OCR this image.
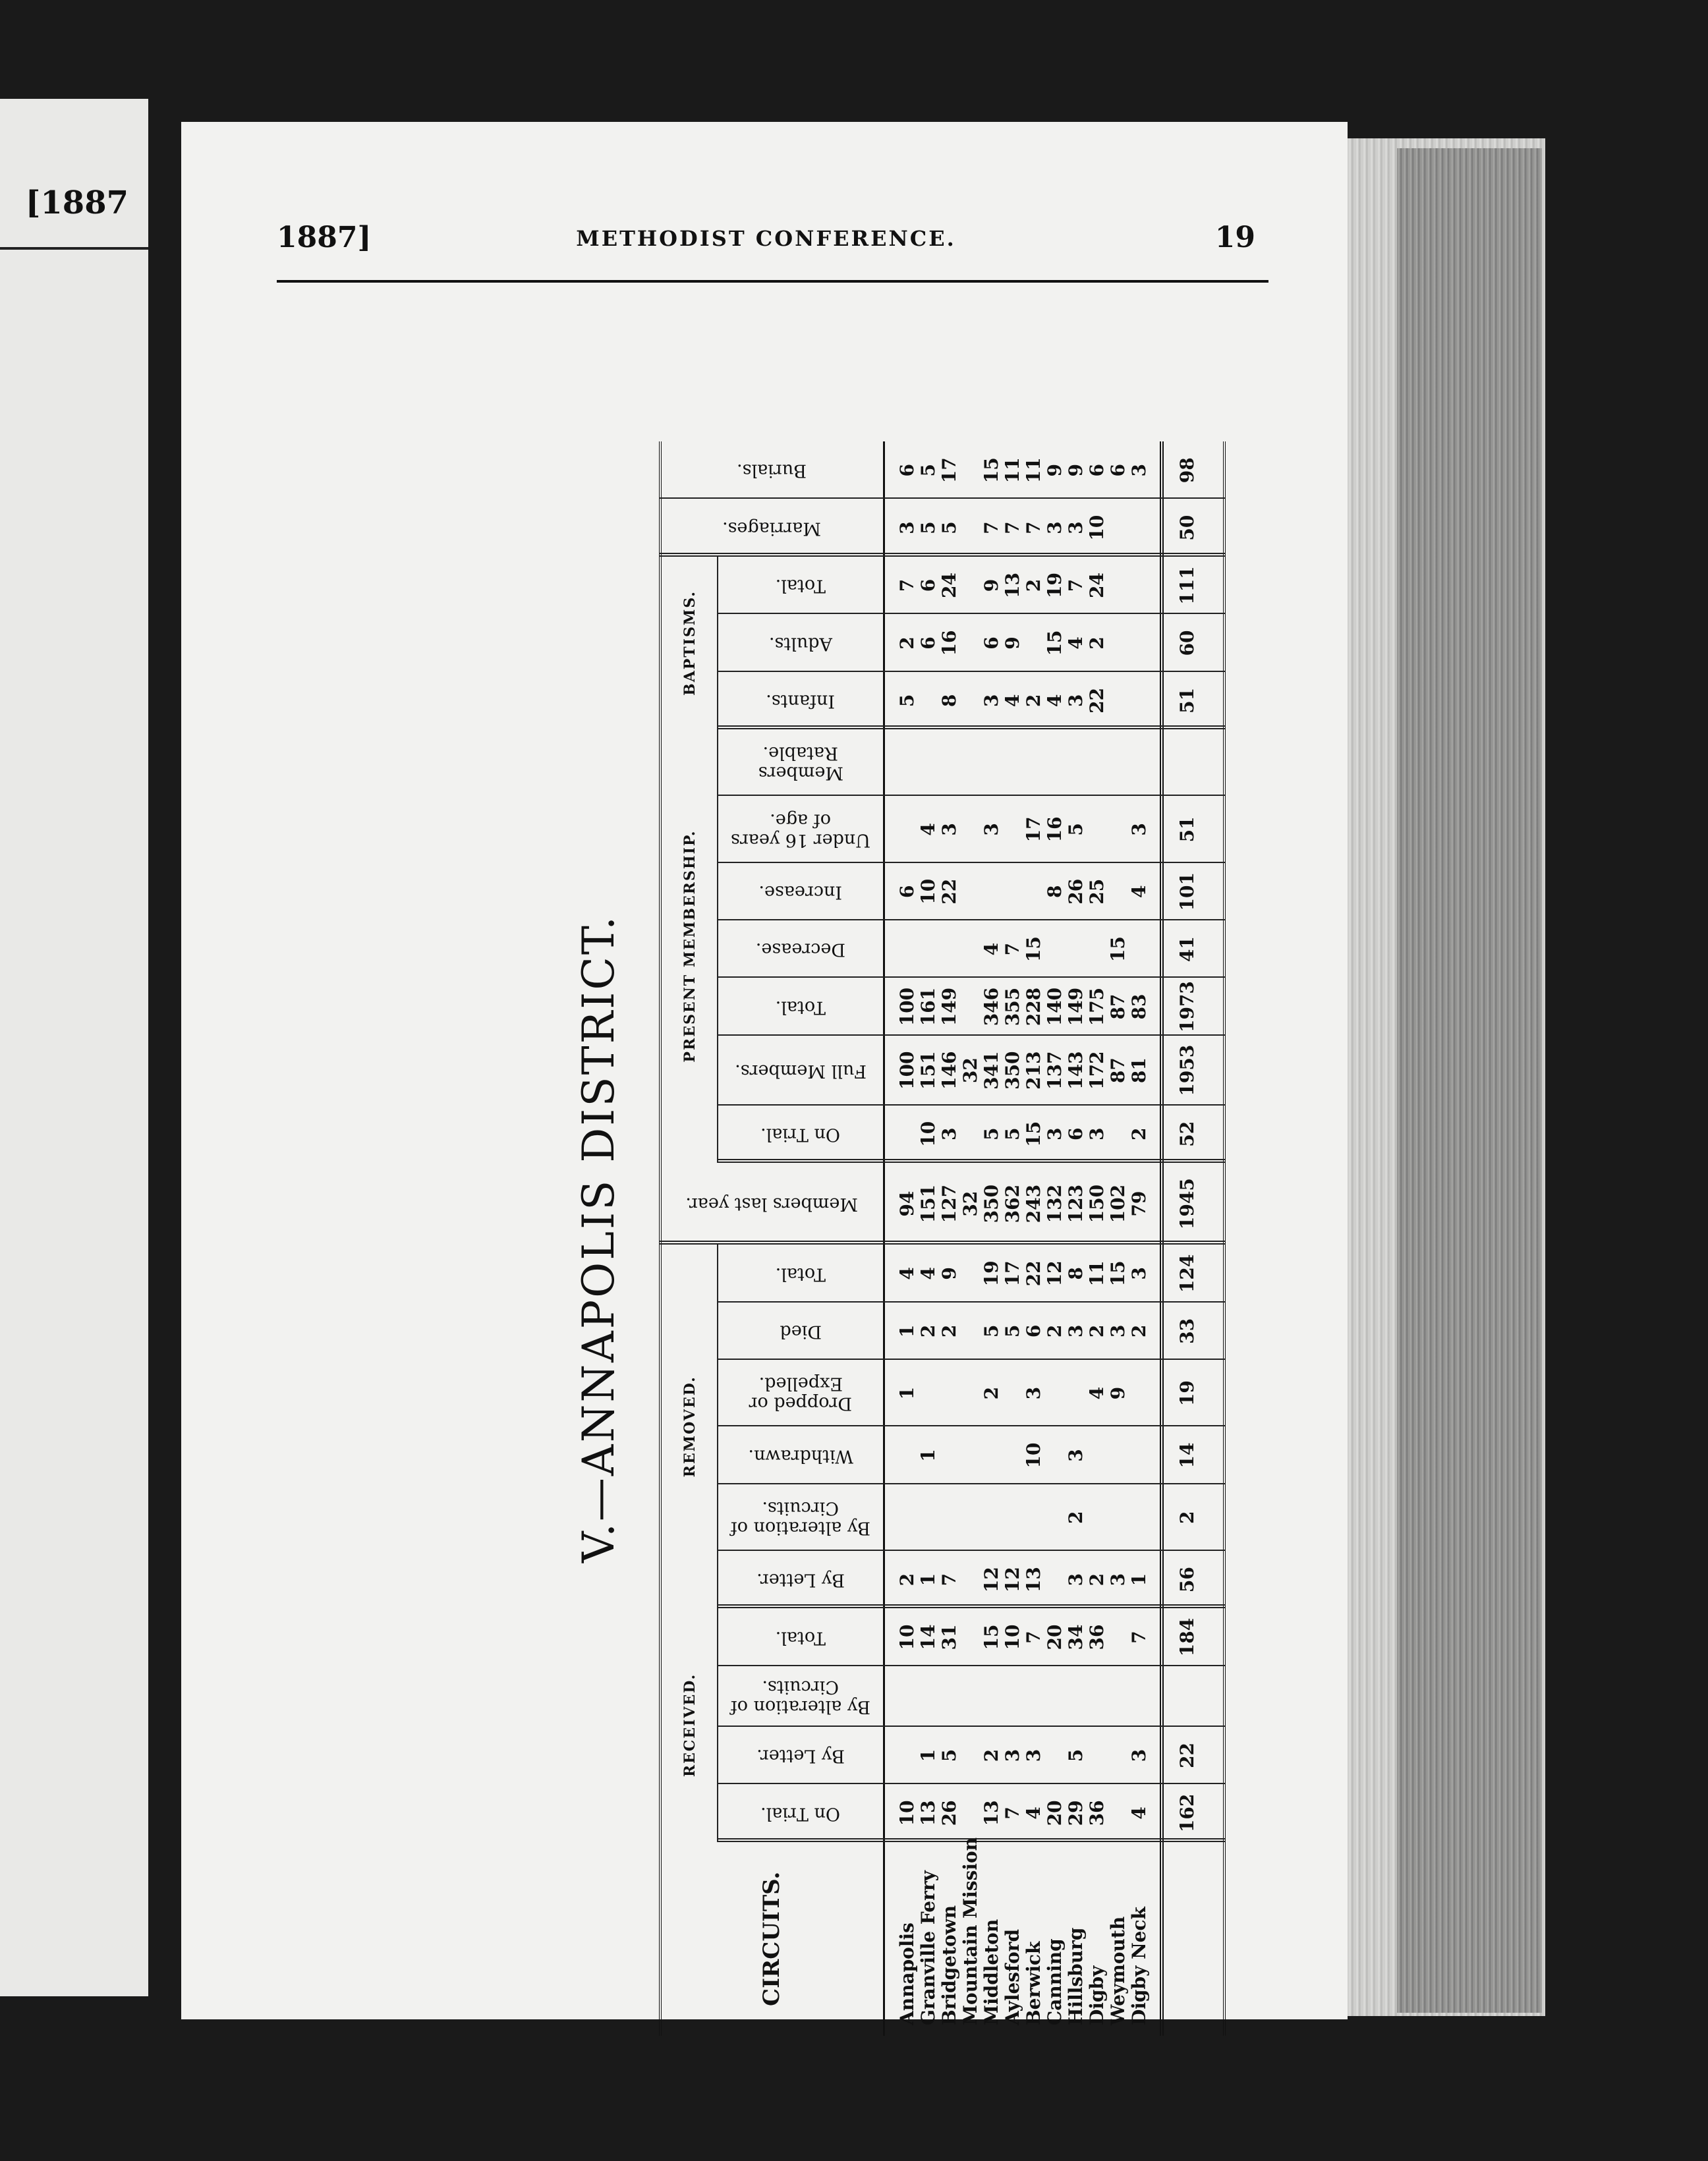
[1887
1887]	METHODIST CONFERENCE.	19
V.—ANNAPOLIS DISTRICT.
RECEIVED.
REMOVED.
PRESENT MEMBERSHIP.
BAPTISMS.
CIRCUITS.
On Trial.
By Letter.
By alteration of Circuits.
Total.
By Letter.
By alteration of Circuits.
Withdrawn.
Dropped or Expelled.
Died
Total.
Members last year.
On Trial.
Full Members.
Total.
Decrease.
Increase.
Under 16 years of age.
Members Ratable.
Infants.
Adults.
Total.
Marriages.
Burials.
Annapolis
10
10
2
1
1
4
94
100
100
6
5
2
7
3
6
Granville Ferry
13
1
14
1
1
2
4
151
10
151
161
10
4
6
6
5
5
Bridgetown
26
5
31
7
2
9
127
3
146
149
22
3
8
16
24
5
17
Mountain Mission
32
32
Middleton
13
2
15
12
2
5
19
350
5
341
346
4
3
3
6
9
7
15
Aylesford
7
3
10
12
5
17
362
5
350
355
7
4
9
13
7
11
Berwick
4
3
7
13
10
3
6
22
243
15
213
228
15
17
2
2
7
11
Canning
20
20
2
12
132
3
137
140
8
16
4
15
19
3
9
Hillsburg
29
5
34
3
2
3
3
8
123
6
143
149
26
5
3
4
7
3
9
Digby
36
36
2
4
2
11
150
3
172
175
25
22
2
24
10
6
Weymouth
3
9
3
15
102
87
87
15
6
Digby Neck
4
3
7
1
2
3
79
2
81
83
4
3
3
162
22
184
56
2
14
19
33
124
1945
52
1953
1973
41
101
51
51
60
111
50
98
